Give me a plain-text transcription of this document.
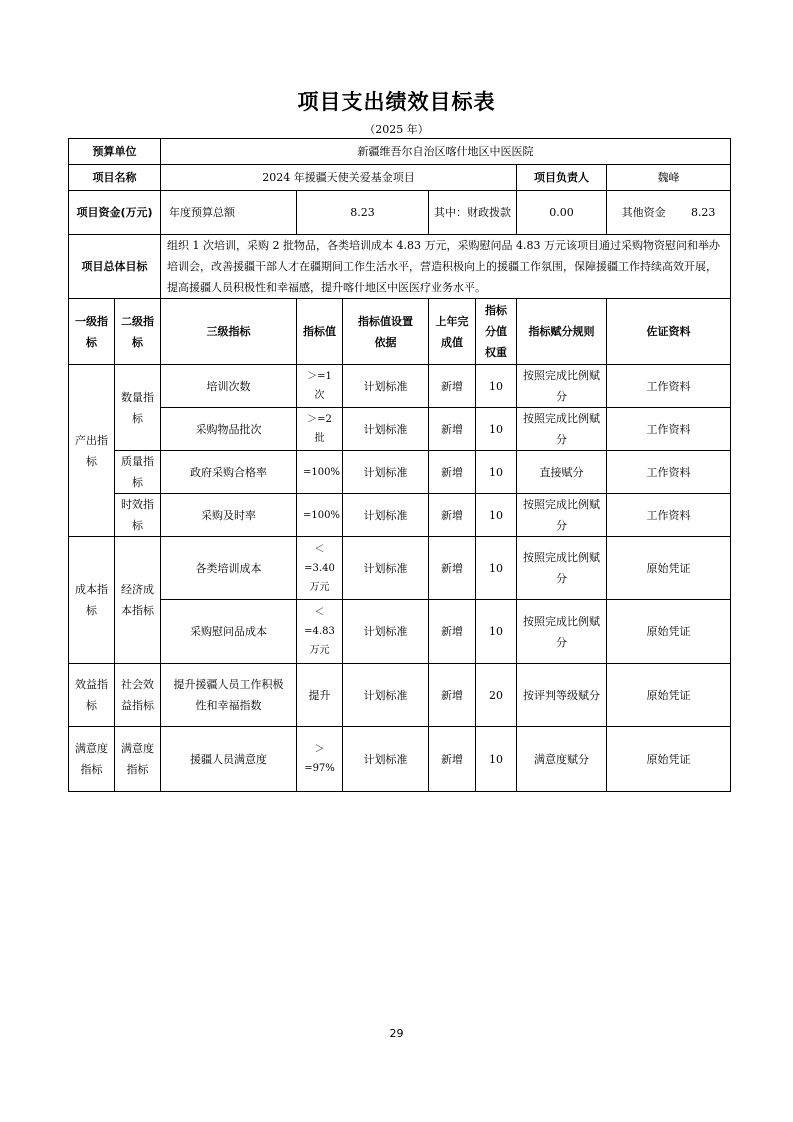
项目支出绩效目标表
（2025 年）
预算单位		新疆维吾尔自治区喀什地区中医医院						
项目名称		2024 年援疆天使关爱基金项目					项目负责人	魏峰
项目资金(万元)		年度预算总额	8.23		其中：财政拨款		0.00	其他资金 8.23

项目总体目标		组织 1 次培训，采购 2 批物品，各类培训成本 4.83 万元，采购慰问品 4.83 万元该项目通过采购物资慰问和举办培训会，改善援疆干部人才在疆期间工作生活水平，营造积极向上的援疆工作氛围，保障援疆工作持续高效开展，提高援疆人员积极性和幸福感，提升喀什地区中医医疗业务水平。						
一级指标	二级指标	三级指标	指标值	指标值设置依据	上年完成值	指标分值权重	指标赋分规则	佐证资料
产出指标	数量指标	培训次数	＞=1次	计划标准	新增	10	按照完成比例赋分	工作资料
		采购物品批次	＞=2批	计划标准	新增	10	按照完成比例赋分	工作资料
	质量指标	政府采购合格率	=100%	计划标准	新增	10	直接赋分	工作资料
	时效指标	采购及时率	=100%	计划标准	新增	10	按照完成比例赋分	工作资料
成本指标	经济成本指标	各类培训成本	＜=3.40万元	计划标准	新增	10	按照完成比例赋分	原始凭证
		采购慰问品成本	＜=4.83万元	计划标准	新增	10	按照完成比例赋分	原始凭证
效益指标	社会效益指标	提升援疆人员工作积极性和幸福指数	提升	计划标准	新增	20	按评判等级赋分	原始凭证
满意度指标	满意度指标	援疆人员满意度	＞=97%	计划标准	新增	10	满意度赋分	原始凭证
29
